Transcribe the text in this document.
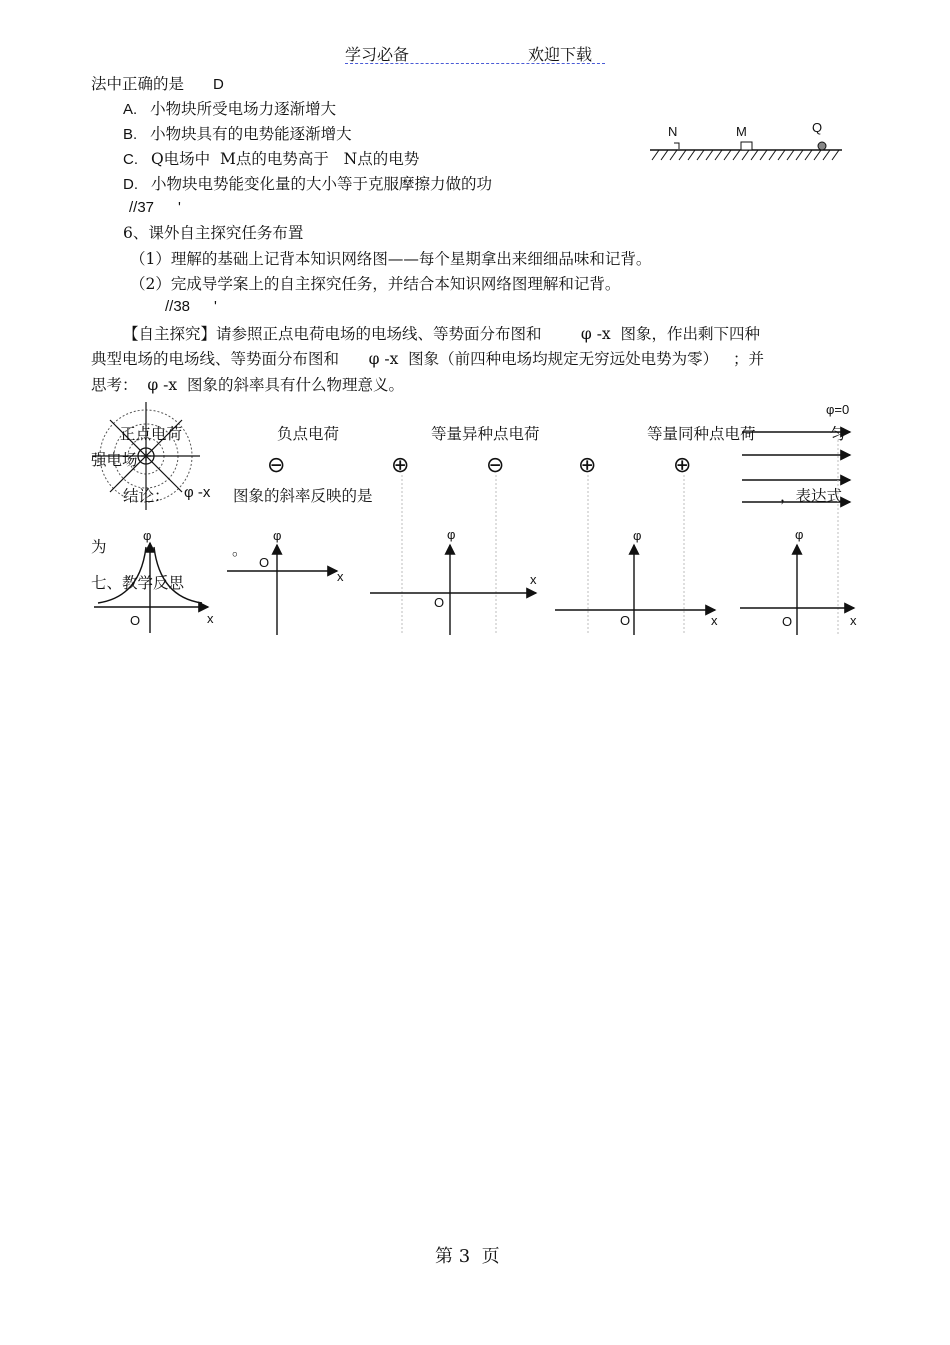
学习必备	欢迎下载
法中正确的是 D
A. 小物块所受电场力逐渐增大
B. 小物块具有的电势能逐渐增大
C. Q电场中  M点的电势高于   N点的电势
D. 小物块电势能变化量的大小等于克服摩擦力做的功
N	M	Q
//37 '
6、课外自主探究任务布置
（1）理解的基础上记背本知识网络图——每个星期拿出来细细品味和记背。
（2）完成导学案上的自主探究任务，并结合本知识网络图理解和记背。
//38 '
【自主探究】请参照正点电荷电场的电场线、等势面分布图和        φ -x  图象，作出剩下四种
典型电场的电场线、等势面分布图和      φ -x  图象（前四种电场均规定无穷远处电势为零）   ；并
思考：  φ -x  图象的斜率具有什么物理意义。
φ=0
正点电荷	负点电荷	等量异种点电荷	等量同种点电荷	匀
强电场	⊖	⊕	⊖	⊕	⊕
结论： φ -x 图象的斜率反映的是	，表达式
为	。
七、教学反思
φ
x
O
φ
x
O
φ
x
O
φ
x
O
φ
x
O
第 3  页
